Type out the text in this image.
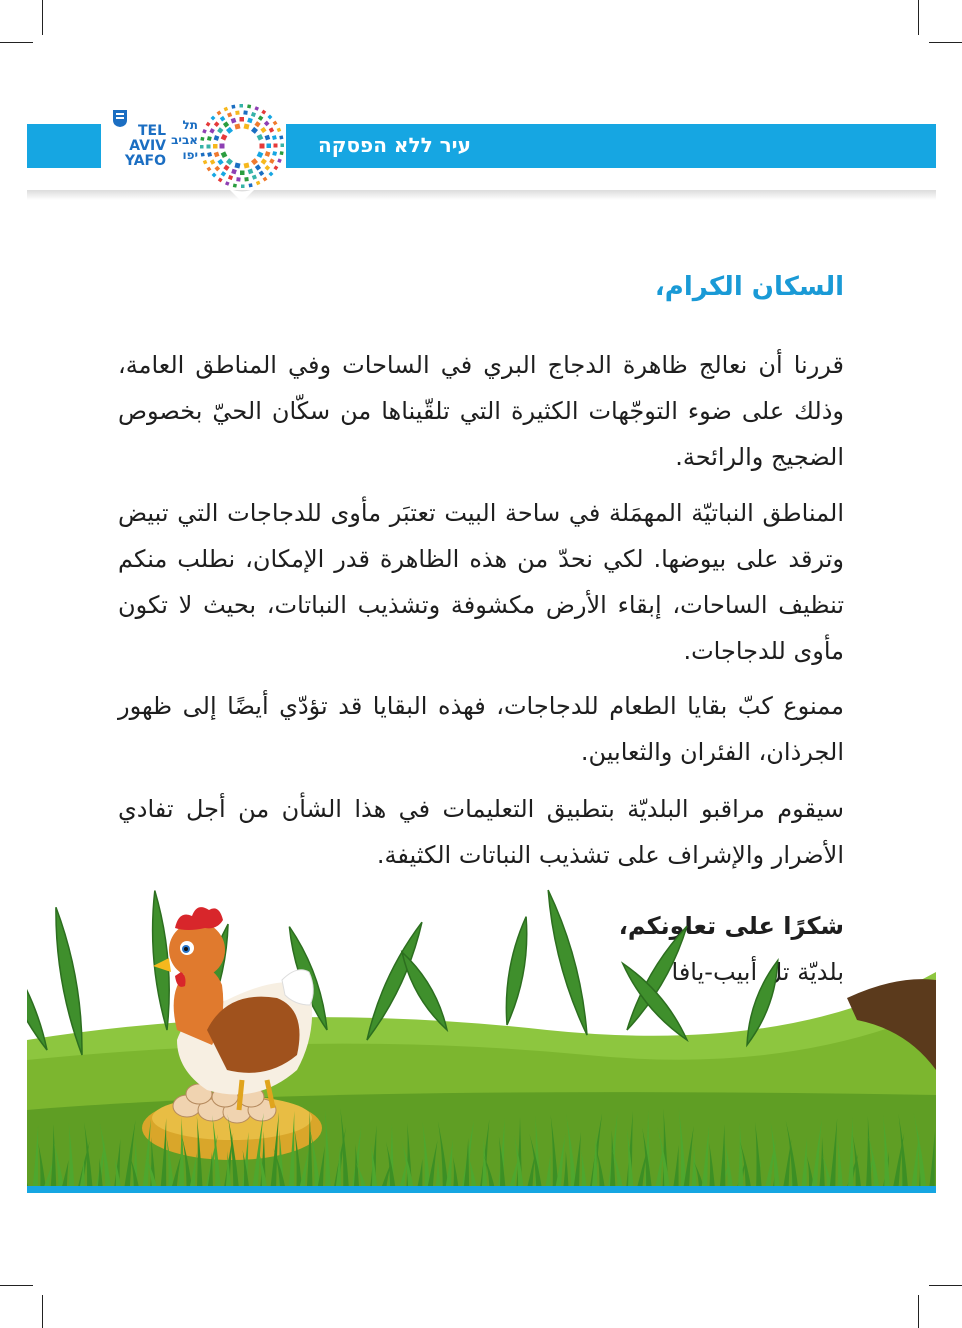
עיר ללא הפסקה
TEL
AVIV
YAFO
תל
אביב
יפו
السكان الكرام،
قررنا أن نعالج ظاهرة الدجاج البري في الساحات وفي المناطق العامة، وذلك على ضوء التوجّهات الكثيرة التي تلقّيناها من سكّان الحيّ بخصوص الضجيج والرائحة.
المناطق النباتيّة المهمَلة في ساحة البيت تعتبَر مأوى للدجاجات التي تبيض وترقد على بيوضها. لكي نحدّ من هذه الظاهرة قدر الإمكان، نطلب منكم تنظيف الساحات، إبقاء الأرض مكشوفة وتشذيب النباتات، بحيث لا تكون مأوى للدجاجات.
ممنوع كبّ بقايا الطعام للدجاجات، فهذه البقايا قد تؤدّي أيضًا إلى ظهور الجرذان، الفئران والثعابين.
سيقوم مراقبو البلديّة بتطبيق التعليمات في هذا الشأن من أجل تفادي الأضرار والإشراف على تشذيب النباتات الكثيفة.
شكرًا على تعاونكم،
بلديّة تل أبيب-يافا
